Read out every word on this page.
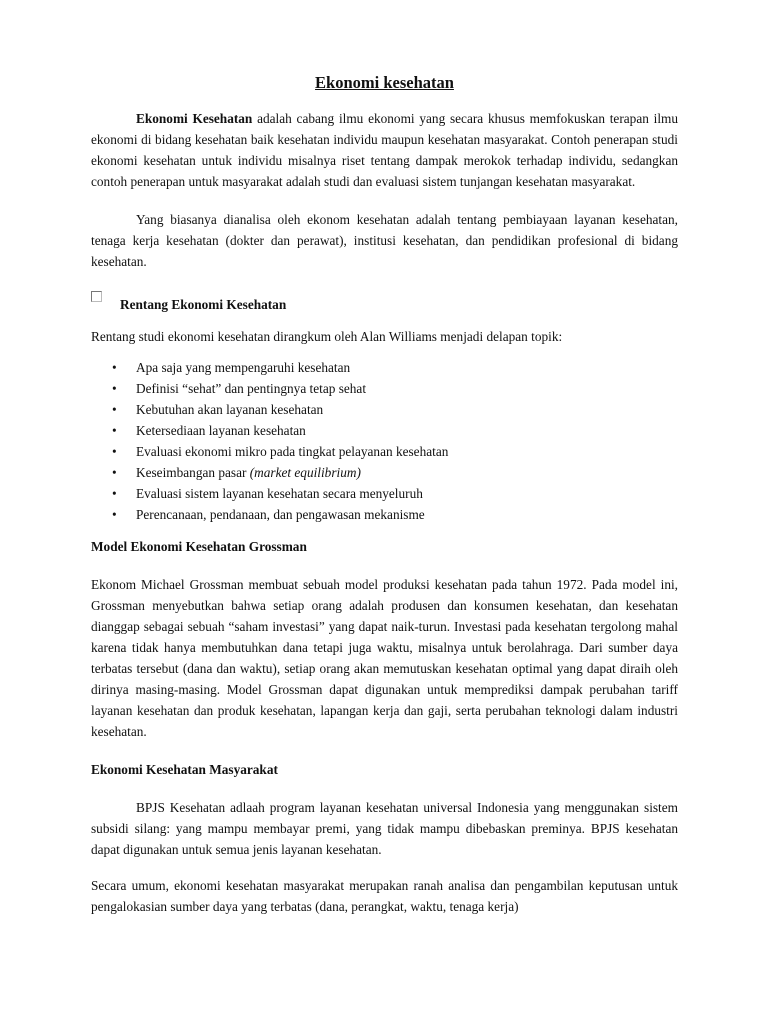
Ekonomi kesehatan

Ekonomi Kesehatan adalah cabang ilmu ekonomi yang secara khusus memfokuskan terapan ilmu ekonomi di bidang kesehatan baik kesehatan individu maupun kesehatan masyarakat. Contoh penerapan studi ekonomi kesehatan untuk individu misalnya riset tentang dampak merokok terhadap individu, sedangkan contoh penerapan untuk masyarakat adalah studi dan evaluasi sistem tunjangan kesehatan masyarakat.

Yang biasanya dianalisa oleh ekonom kesehatan adalah tentang pembiayaan layanan kesehatan, tenaga kerja kesehatan (dokter dan perawat), institusi kesehatan, dan pendidikan profesional di bidang kesehatan.

Rentang Ekonomi Kesehatan

Rentang studi ekonomi kesehatan dirangkum oleh Alan Williams menjadi delapan topik:

• Apa saja yang mempengaruhi kesehatan
• Definisi “sehat” dan pentingnya tetap sehat
• Kebutuhan akan layanan kesehatan
• Ketersediaan layanan kesehatan
• Evaluasi ekonomi mikro pada tingkat pelayanan kesehatan
• Keseimbangan pasar (market equilibrium)
• Evaluasi sistem layanan kesehatan secara menyeluruh
• Perencanaan, pendanaan, dan pengawasan mekanisme
Model Ekonomi Kesehatan Grossman

Ekonom Michael Grossman membuat sebuah model produksi kesehatan pada tahun 1972. Pada model ini, Grossman menyebutkan bahwa setiap orang adalah produsen dan konsumen kesehatan, dan kesehatan dianggap sebagai sebuah “saham investasi” yang dapat naik-turun. Investasi pada kesehatan tergolong mahal karena tidak hanya membutuhkan dana tetapi juga waktu, misalnya untuk berolahraga. Dari sumber daya terbatas tersebut (dana dan waktu), setiap orang akan memutuskan kesehatan optimal yang dapat diraih oleh dirinya masing-masing. Model Grossman dapat digunakan untuk memprediksi dampak perubahan tariff layanan kesehatan dan produk kesehatan, lapangan kerja dan gaji, serta perubahan teknologi dalam industri kesehatan.

Ekonomi Kesehatan Masyarakat

BPJS Kesehatan adlaah program layanan kesehatan universal Indonesia yang menggunakan sistem subsidi silang: yang mampu membayar premi, yang tidak mampu dibebaskan preminya. BPJS kesehatan dapat digunakan untuk semua jenis layanan kesehatan.

Secara umum, ekonomi kesehatan masyarakat merupakan ranah analisa dan pengambilan keputusan untuk pengalokasian sumber daya yang terbatas (dana, perangkat, waktu, tenaga kerja)
